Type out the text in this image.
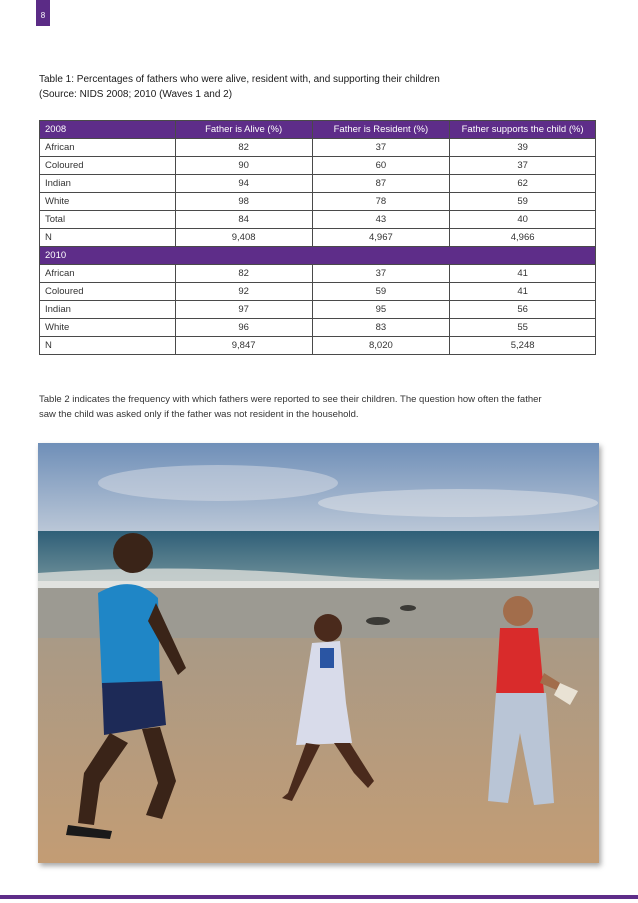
8
Table 1: Percentages of fathers who were alive, resident with, and supporting their children
(Source: NIDS 2008; 2010 (Waves 1 and 2)
2008	Father is Alive (%)	Father is Resident (%)	Father supports the child (%)
African	82	37	39
Coloured	90	60	37
Indian	94	87	62
White	98	78	59
Total	84	43	40
N	9,408	4,967	4,966
2010			
African	82	37	41
Coloured	92	59	41
Indian	97	95	56
White	96	83	55
N	9,847	8,020	5,248
Table 2 indicates the frequency with which fathers were reported to see their children. The question how often the father
saw the child was asked only if the father was not resident in the household.
